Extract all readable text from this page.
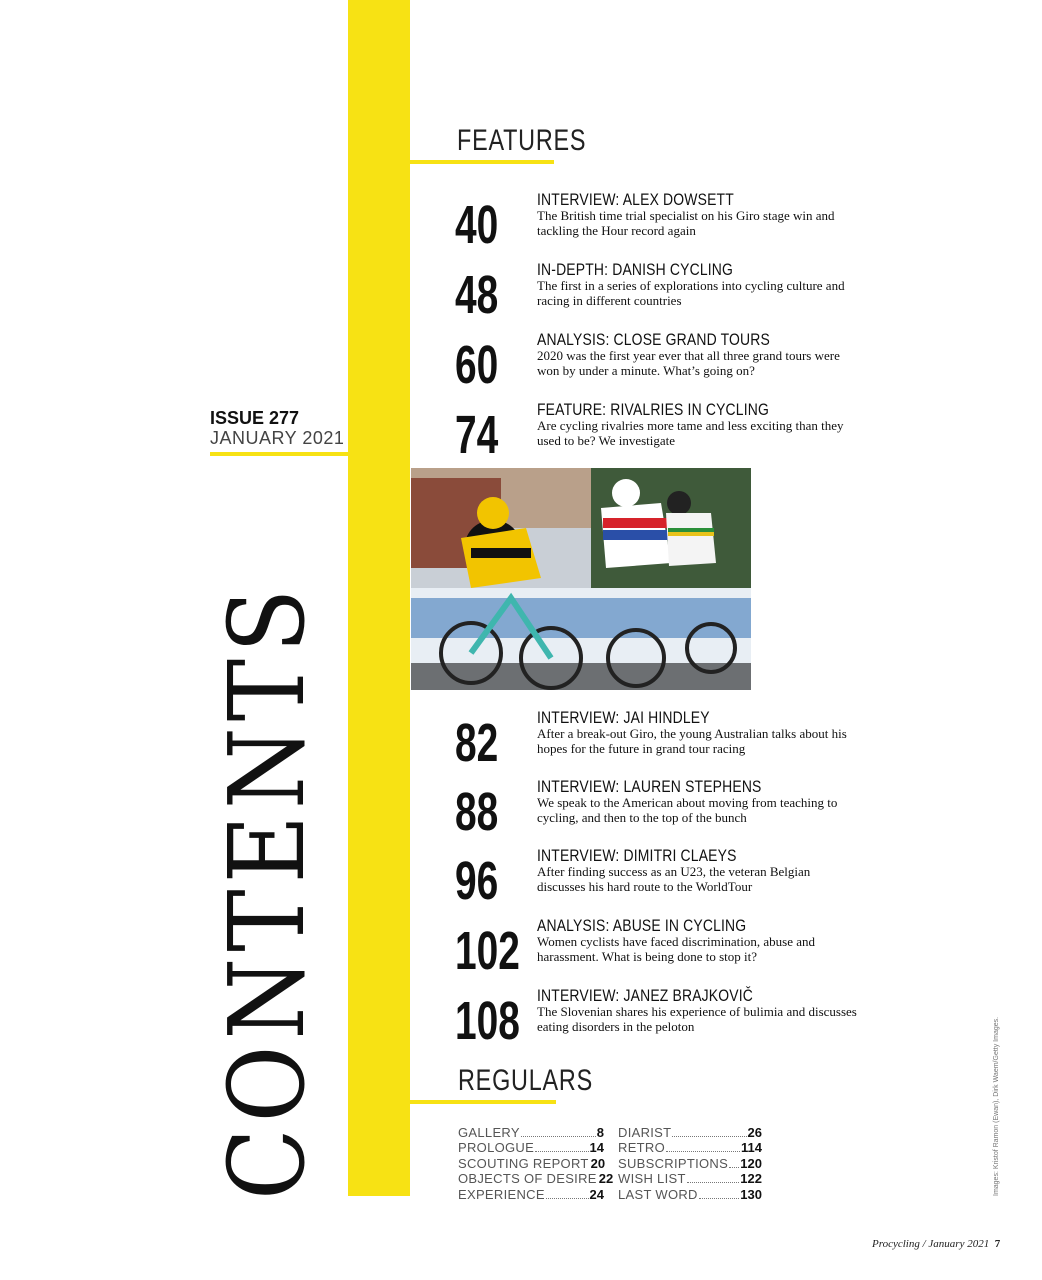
FEATURES
40 INTERVIEW: ALEX DOWSETT
The British time trial specialist on his Giro stage win and tackling the Hour record again
48 IN-DEPTH: DANISH CYCLING
The first in a series of explorations into cycling culture and racing in different countries
60 ANALYSIS: CLOSE GRAND TOURS
2020 was the first year ever that all three grand tours were won by under a minute. What’s going on?
74 FEATURE: RIVALRIES IN CYCLING
Are cycling rivalries more tame and less exciting than they used to be? We investigate
ISSUE 277
JANUARY 2021
CONTENTS 82 INTERVIEW: JAI HINDLEY
After a break-out Giro, the young Australian talks about his hopes for the future in grand tour racing
88 INTERVIEW: LAUREN STEPHENS
We speak to the American about moving from teaching to cycling, and then to the top of the bunch
96 INTERVIEW: DIMITRI CLAEYS
After finding success as an U23, the veteran Belgian discusses his hard route to the WorldTour
102 ANALYSIS: ABUSE IN CYCLING
Women cyclists have faced discrimination, abuse and harassment. What is being done to stop it?
108 INTERVIEW: JANEZ BRAJKOVIČ
The Slovenian shares his experience of bulimia and discusses eating disorders in the peloton
REGULARS
GALLERY	8
PROLOGUE	14
SCOUTING REPORT 20
OBJECTS OF DESIRE 22
EXPERIENCE	24
DIARIST	26
RETRO	114
SUBSCRIPTIONS 120
WISH LIST	122
LAST WORD	130	Images: Kristof Ramon (Ewan), Dirk Waem/Getty Images.
Procycling / January 2021 7
